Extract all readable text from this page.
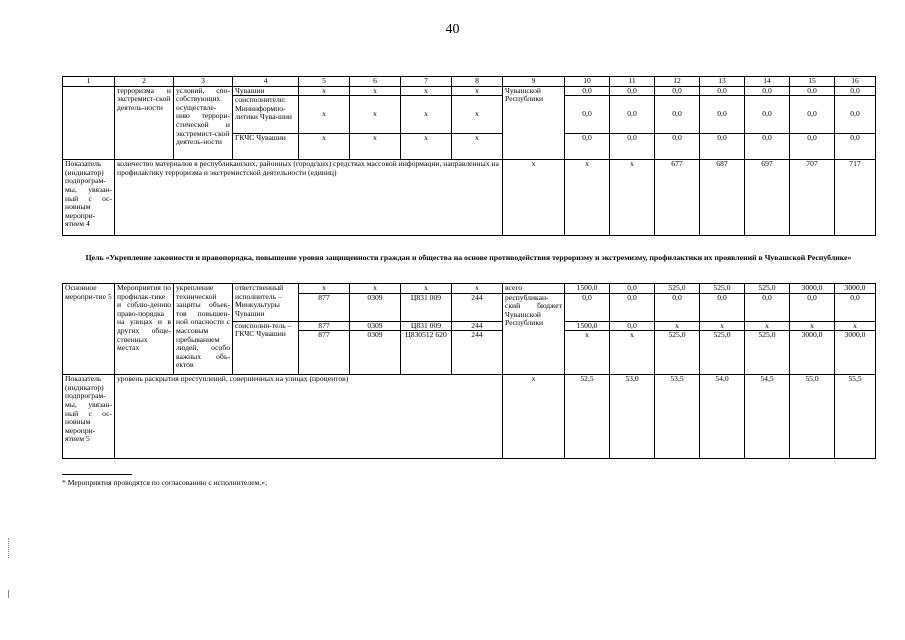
40
1	2	3	4	5	6	7	8	9	10	11	12	13	14	15	16
	терроризма и экстремист-ской деятель-ности	условий, спо-собствующих осуществле-нию террори-стической и экстремист-ской деятель-ности	Чувашии	х	х	х	х	Чувашской Республики	0,0	0,0	0,0	0,0	0,0	0,0	0,0
			соисполнители: Мининформпо-литики Чува-шии	х	х	х	х		0,0	0,0	0,0	0,0	0,0	0,0	0,0
			ГКЧС Чувашии	х	х	х	х		0,0	0,0	0,0	0,0	0,0	0,0	0,0
Показатель (индикатор) подпрограм-мы, увязан-ный с ос-новным меропри-ятием 4	количество материалов в республиканских, районных (городских) средствах массовой информации, направленных на профилактику терроризма и экстремистской деятельности (единиц)							х	х	х	677	687	697	707	717
Цель «Укрепление законности и правопорядка, повышение уровня защищенности граждан и общества на основе противодействия терроризму и экстремизму, профилактики их проявлений в Чувашской Республике»
Основное меропри-тие 5	Мероприятия по профилак-тике и соблю-дению право-порядка на улицах и в других обще-ственных местах	укрепление технической защиты объек-тов повышен-ной опасности с массовым пребыванием людей, особо важных объ-ектов	ответственный исполнитель – Минкультуры Чувашии	х	х	х	х	всего	1500,0	0,0	525,0	525,0	525,0	3000,0	3000,0
				877	0309	Ц831 009	244	республикан-ский бюджет Чувашской Республики	0,0	0,0	0,0	0,0	0,0	0,0	0,0
			соисполни-тель – ГКЧС Чувашии	877	0309	Ц831 009	244		1500,0	0,0	х	х	х	х	х
				877	0309	Ц830512 620	244		х	х	525,0	525,0	525,0	3000,0	3000,0
Показатель (индикатор) подпрограм-мы, увязан-ный с ос-новным меропри-ятием 5	уровень раскрытия преступлений, совершенных на улицах (процентов)							х	52,5	53,0	53,5	54,0	54,5	55,0	55,5
* Мероприятия проводятся по согласованию с исполнителем.»;
